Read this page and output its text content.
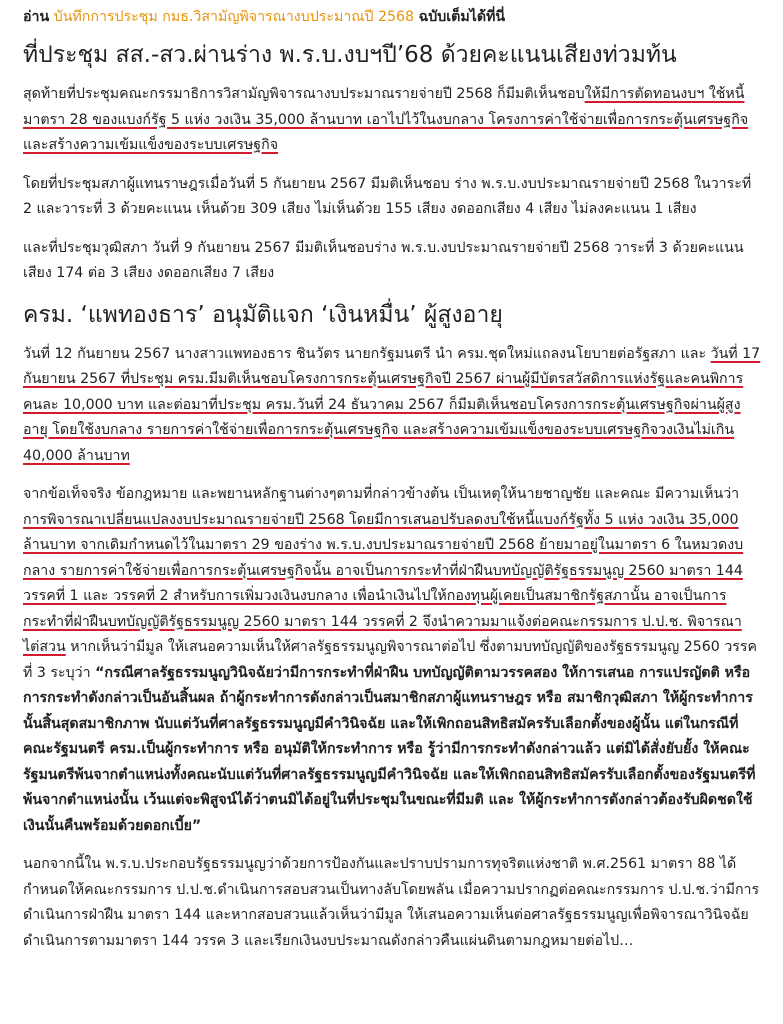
อ่าน บันทึกการประชุม กมธ.วิสามัญพิจารณางบประมาณปี 2568 ฉบับเต็มได้ที่นี่
ที่ประชุม สส.-สว.ผ่านร่าง พ.ร.บ.งบฯปี’68 ด้วยคะแนนเสียงท่วมท้น

สุดท้ายที่ประชุมคณะกรรมาธิการวิสามัญพิจารณางบประมาณรายจ่ายปี 2568 ก็มีมติเห็นชอบให้มีการตัดทอนงบฯ ใช้หนี้มาตรา 28 ของแบงก์รัฐ 5 แห่ง วงเงิน 35,000 ล้านบาท เอาไปไว้ในงบกลาง โครงการค่าใช้จ่ายเพื่อการกระตุ้นเศรษฐกิจและสร้างความเข้มแข็งของระบบเศรษฐกิจ

โดยที่ประชุมสภาผู้แทนราษฎรเมื่อวันที่ 5 กันยายน 2567 มีมติเห็นชอบ ร่าง พ.ร.บ.งบประมาณรายจ่ายปี 2568 ในวาระที่ 2 และวาระที่ 3 ด้วยคะแนน เห็นด้วย 309 เสียง ไม่เห็นด้วย 155 เสียง งดออกเสียง 4 เสียง ไม่ลงคะแนน 1 เสียง

และที่ประชุมวุฒิสภา วันที่ 9 กันยายน 2567 มีมติเห็นชอบร่าง พ.ร.บ.งบประมาณรายจ่ายปี 2568 วาระที่ 3 ด้วยคะแนนเสียง 174 ต่อ 3 เสียง งดออกเสียง 7 เสียง

ครม. ‘แพทองธาร’ อนุมัติแจก ‘เงินหมื่น’ ผู้สูงอายุ

วันที่ 12 กันยายน 2567 นางสาวแพทองธาร ชินวัตร นายกรัฐมนตรี นำ ครม.ชุดใหม่แถลงนโยบายต่อรัฐสภา และ วันที่ 17 กันยายน 2567 ที่ประชุม ครม.มีมติเห็นชอบโครงการกระตุ้นเศรษฐกิจปี 2567 ผ่านผู้มีบัตรสวัสดิการแห่งรัฐและคนพิการคนละ 10,000 บาท และต่อมาที่ประชุม ครม.วันที่ 24 ธันวาคม 2567 ก็มีมติเห็นชอบโครงการกระตุ้นเศรษฐกิจผ่านผู้สูงอายุ โดยใช้งบกลาง รายการค่าใช้จ่ายเพื่อการกระตุ้นเศรษฐกิจ และสร้างความเข้มแข็งของระบบเศรษฐกิจวงเงินไม่เกิน 40,000 ล้านบาท

จากข้อเท็จจริง ข้อกฎหมาย และพยานหลักฐานต่างๆตามที่กล่าวข้างต้น เป็นเหตุให้นายชาญชัย และคณะ มีความเห็นว่า การพิจารณาเปลี่ยนแปลงงบประมาณรายจ่ายปี 2568 โดยมีการเสนอปรับลดงบใช้หนี้แบงก์รัฐทั้ง 5 แห่ง วงเงิน 35,000 ล้านบาท จากเดิมกำหนดไว้ในมาตรา 29 ของร่าง พ.ร.บ.งบประมาณรายจ่ายปี 2568 ย้ายมาอยู่ในมาตรา 6 ในหมวดงบกลาง รายการค่าใช้จ่ายเพื่อการกระตุ้นเศรษฐกิจนั้น อาจเป็นการกระทำที่ฝ่าฝืนบทบัญญัติรัฐธรรมนูญ 2560 มาตรา 144 วรรคที่ 1 และ วรรคที่ 2 สำหรับการเพิ่มวงเงินงบกลาง เพื่อนำเงินไปให้กองทุนผู้เคยเป็นสมาชิกรัฐสภานั้น อาจเป็นการกระทำที่ฝ่าฝืนบทบัญญัติรัฐธรรมนูญ 2560 มาตรา 144 วรรคที่ 2 จึงนำความมาแจ้งต่อคณะกรรมการ ป.ป.ช. พิจารณาไต่สวน หากเห็นว่ามีมูล ให้เสนอความเห็นให้ศาลรัฐธรรมนูญพิจารณาต่อไป ซึ่งตามบทบัญญัติของรัฐธรรมนูญ 2560 วรรคที่ 3 ระบุว่า “กรณีศาลรัฐธรรมนูญวินิจฉัยว่ามีการกระทำที่ฝ่าฝืน บทบัญญัติตามวรรคสอง ให้การเสนอ การแปรญัตติ หรือ การกระทำดังกล่าวเป็นอันสิ้นผล ถ้าผู้กระทำการดังกล่าวเป็นสมาชิกสภาผู้แทนราษฎร หรือ สมาชิกวุฒิสภา ให้ผู้กระทำการนั้นสิ้นสุดสมาชิกภาพ นับแต่วันที่ศาลรัฐธรรมนูญมีคำวินิจฉัย และให้เพิกถอนสิทธิสมัครรับเลือกตั้งของผู้นั้น แต่ในกรณีที่คณะรัฐมนตรี ครม.เป็นผู้กระทำการ หรือ อนุมัติให้กระทำการ หรือ รู้ว่ามีการกระทำดังกล่าวแล้ว แต่มิได้สั่งยับยั้ง ให้คณะรัฐมนตรีพ้นจากตำแหน่งทั้งคณะนับแต่วันที่ศาลรัฐธรรมนูญมีคำวินิจฉัย และให้เพิกถอนสิทธิสมัครรับเลือกตั้งของรัฐมนตรีที่พ้นจากตำแหน่งนั้น เว้นแต่จะพิสูจน์ได้ว่าตนมิได้อยู่ในที่ประชุมในขณะที่มีมติ และ ให้ผู้กระทำการดังกล่าวต้องรับผิดชดใช้เงินนั้นคืนพร้อมด้วยดอกเบี้ย”

นอกจากนี้ใน พ.ร.บ.ประกอบรัฐธรรมนูญว่าด้วยการป้องกันและปราบปรามการทุจริตแห่งชาติ พ.ศ.2561 มาตรา 88 ได้กำหนดให้คณะกรรมการ ป.ป.ช.ดำเนินการสอบสวนเป็นทางลับโดยพลัน เมื่อความปรากฏต่อคณะกรรมการ ป.ป.ช.ว่ามีการดำเนินการฝ่าฝืน มาตรา 144 และหากสอบสวนแล้วเห็นว่ามีมูล ให้เสนอความเห็นต่อศาลรัฐธรรมนูญเพื่อพิจารณาวินิจฉัย ดำเนินการตามมาตรา 144 วรรค 3 และเรียกเงินงบประมาณดังกล่าวคืนแผ่นดินตามกฎหมายต่อไป…
